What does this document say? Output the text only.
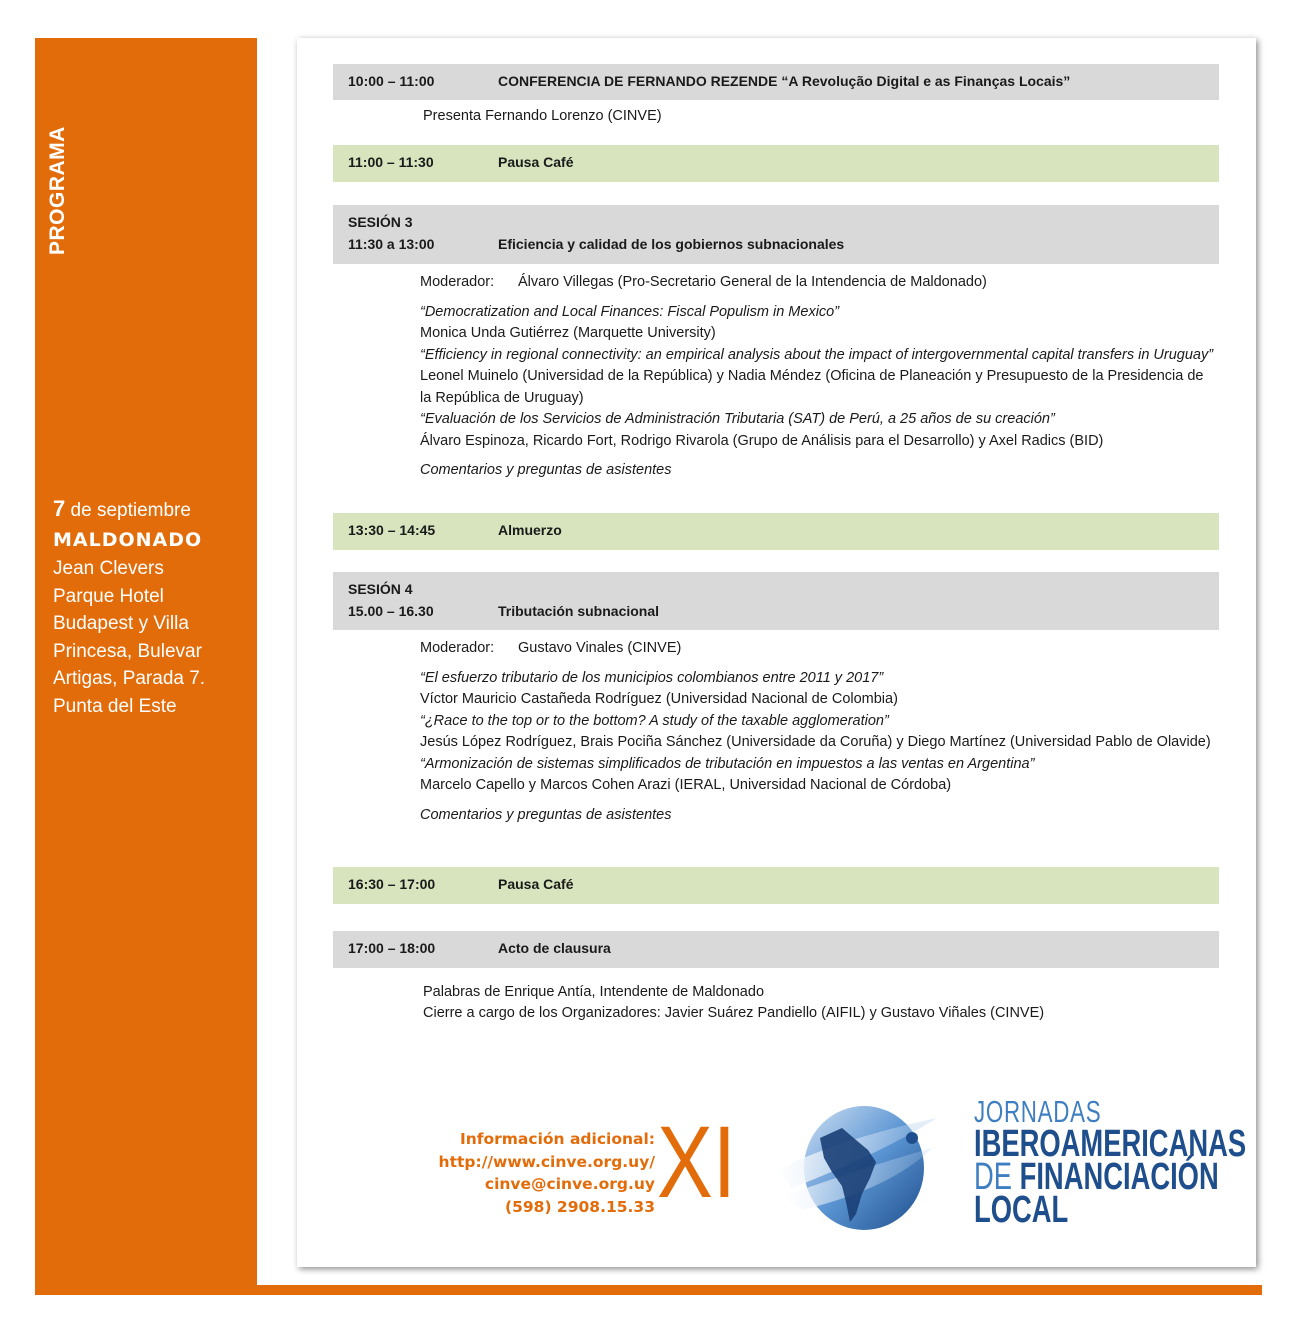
PROGRAMA
7 de septiembre
MALDONADO
Jean Clevers
Parque Hotel
Budapest y Villa
Princesa, Bulevar
Artigas, Parada 7.
Punta del Este
10:00 – 11:00	CONFERENCIA DE FERNANDO REZENDE “A Revolução Digital e as Finanças Locais”
Presenta Fernando Lorenzo (CINVE)
11:00 – 11:30	Pausa Café
SESIÓN 3
11:30 a 13:00	Eficiencia y calidad de los gobiernos subnacionales

Moderador: Álvaro Villegas (Pro-Secretario General de la Intendencia de Maldonado)

“Democratization and Local Finances: Fiscal Populism in Mexico”

Monica Unda Gutiérrez (Marquette University)

“Efficiency in regional connectivity: an empirical analysis about the impact of intergovernmental capital transfers in Uruguay”

Leonel Muinelo (Universidad de la República) y Nadia Méndez (Oficina de Planeación y Presupuesto de la Presidencia de la República de Uruguay)

“Evaluación de los Servicios de Administración Tributaria (SAT) de Perú, a 25 años de su creación”

Álvaro Espinoza, Ricardo Fort, Rodrigo Rivarola (Grupo de Análisis para el Desarrollo) y Axel Radics (BID)

Comentarios y preguntas de asistentes

13:30 – 14:45	Almuerzo
SESIÓN 4
15.00 – 16.30	Tributación subnacional

Moderador: Gustavo Vinales (CINVE)

“El esfuerzo tributario de los municipios colombianos entre 2011 y 2017”

Víctor Mauricio Castañeda Rodríguez (Universidad Nacional de Colombia)

“¿Race to the top or to the bottom? A study of the taxable agglomeration”

Jesús López Rodríguez, Brais Pociña Sánchez (Universidade da Coruña) y Diego Martínez (Universidad Pablo de Olavide)

“Armonización de sistemas simplificados de tributación en impuestos a las ventas en Argentina”

Marcelo Capello y Marcos Cohen Arazi (IERAL, Universidad Nacional de Córdoba)

Comentarios y preguntas de asistentes

16:30 – 17:00	Pausa Café
17:00 – 18:00	Acto de clausura
Palabras de Enrique Antía, Intendente de Maldonado
Cierre a cargo de los Organizadores: Javier Suárez Pandiello (AIFIL) y Gustavo Viñales (CINVE)
Información adicional:
http://www.cinve.org.uy/
cinve@cinve.org.uy
(598) 2908.15.33 XI	JORNADAS
IBEROAMERICANAS
DE FINANCIACIÓN
LOCAL
